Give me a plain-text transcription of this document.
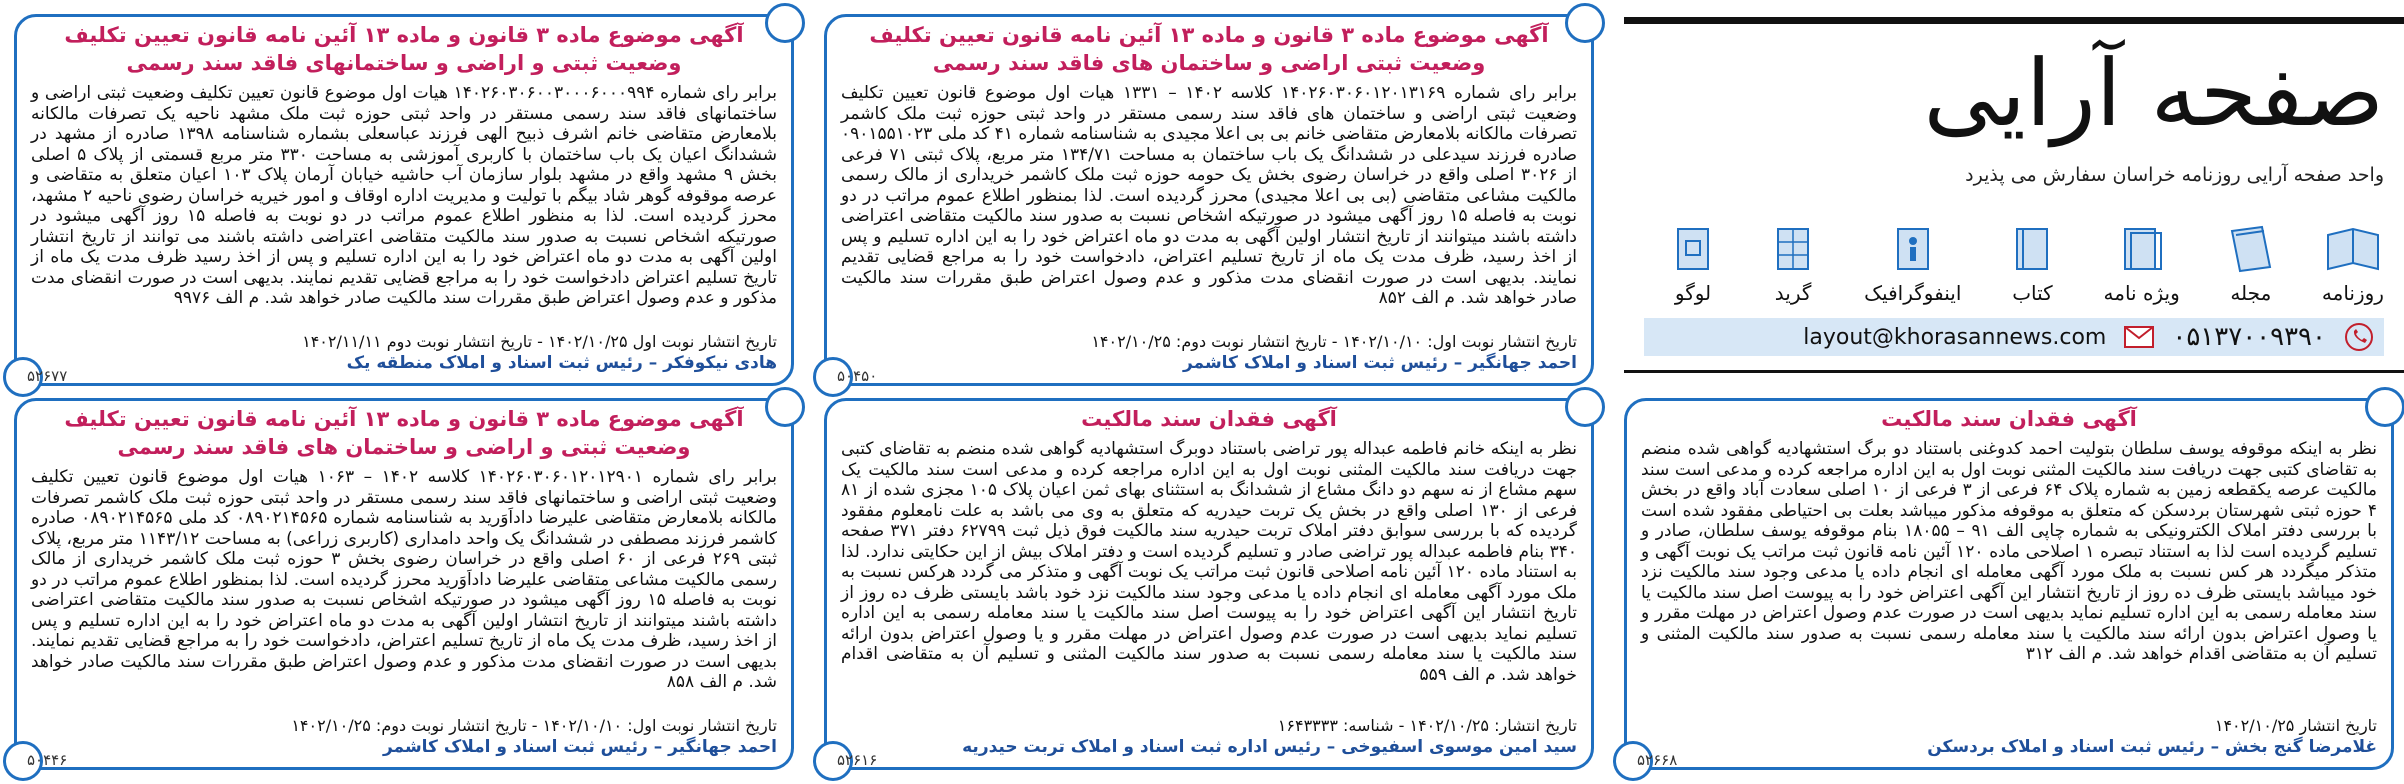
صفحه آرایی
واحد صفحه آرایی روزنامه خراسان سفارش می پذیرد
روزنامه
مجله
ویژه نامه
کتاب
اینفوگرافیک
گرید
لوگو
layout@khorasannews.com	۰۵۱۳۷۰۰۹۳۹۰
آگهی موضوع ماده ۳ قانون و ماده ۱۳ آئین نامه قانون تعیین تکلیف وضعیت ثبتی و اراضی و ساختمانهای فاقد سند رسمی
برابر رای شماره ۱۴۰۲۶۰۳۰۶۰۰۳۰۰۰۶۰۰۰۹۹۴ هیات اول موضوع قانون تعیین تکلیف وضعیت ثبتی اراضی و ساختمانهای فاقد سند رسمی مستقر در واحد ثبتی حوزه ثبت ملک مشهد ناحیه یک تصرفات مالکانه بلامعارض متقاضی خانم اشرف ذبیح الهی فرزند عباسعلی بشماره شناسنامه ۱۳۹۸ صادره از مشهد در ششدانگ اعیان یک باب ساختمان با کاربری آموزشی به مساحت ۳۳۰ متر مربع قسمتی از پلاک ۵ اصلی بخش ۹ مشهد واقع در مشهد بلوار سازمان آب حاشیه خیابان آرمان پلاک ۱۰۳ اعیان متعلق به متقاضی و عرصه موقوفه گوهر شاد بیگم با تولیت و مدیریت اداره اوقاف و امور خیریه خراسان رضوی ناحیه ۲ مشهد، محرز گردیده است. لذا به منظور اطلاع عموم مراتب در دو نوبت به فاصله ۱۵ روز آگهی میشود در صورتیکه اشخاص نسبت به صدور سند مالکیت متقاضی اعتراضی داشته باشند می توانند از تاریخ انتشار اولین آگهی به مدت دو ماه اعتراض خود را به این اداره تسلیم و پس از اخذ رسید ظرف مدت یک ماه از تاریخ تسلیم اعتراض دادخواست خود را به مراجع قضایی تقدیم نمایند. بدیهی است در صورت انقضای مدت مذکور و عدم وصول اعتراض طبق مقررات سند مالکیت صادر خواهد شد. م الف ۹۹۷۶
تاریخ انتشار نوبت اول ۱۴۰۲/۱۰/۲۵ - تاریخ انتشار نوبت دوم ۱۴۰۲/۱۱/۱۱
هادی نیکوفکر – رئیس ثبت اسناد و املاک منطقه یک
۵۲۶۷۷
آگهی موضوع ماده ۳ قانون و ماده ۱۳ آئین نامه قانون تعیین تکلیف وضعیت ثبتی اراضی و ساختمان های فاقد سند رسمی
برابر رای شماره ۱۴۰۲۶۰۳۰۶۰۱۲۰۱۳۱۶۹ کلاسه ۱۴۰۲ – ۱۳۳۱ هیات اول موضوع قانون تعیین تکلیف وضعیت ثبتی اراضی و ساختمان های فاقد سند رسمی مستقر در واحد ثبتی حوزه ثبت ملک کاشمر تصرفات مالکانه بلامعارض متقاضی خانم بی بی اعلا مجیدی به شناسنامه شماره ۴۱ کد ملی ۰۹۰۱۵۵۱۰۲۳ صادره فرزند سیدعلی در ششدانگ یک باب ساختمان به مساحت ۱۳۴/۷۱ متر مربع، پلاک ثبتی ۷۱ فرعی از ۳۰۲۶ اصلی واقع در خراسان رضوی بخش یک حومه حوزه ثبت ملک کاشمر خریداری از مالک رسمی مالکیت مشاعی متقاضی (بی بی اعلا مجیدی) محرز گردیده است. لذا بمنظور اطلاع عموم مراتب در دو نوبت به فاصله ۱۵ روز آگهی میشود در صورتیکه اشخاص نسبت به صدور سند مالکیت متقاضی اعتراضی داشته باشند میتوانند از تاریخ انتشار اولین آگهی به مدت دو ماه اعتراض خود را به این اداره تسلیم و پس از اخذ رسید، ظرف مدت یک ماه از تاریخ تسلیم اعتراض، دادخواست خود را به مراجع قضایی تقدیم نمایند. بدیهی است در صورت انقضای مدت مذکور و عدم وصول اعتراض طبق مقررات سند مالکیت صادر خواهد شد. م الف ۸۵۲
تاریخ انتشار نوبت اول: ۱۴۰۲/۱۰/۱۰ - تاریخ انتشار نوبت دوم: ۱۴۰۲/۱۰/۲۵
احمد جهانگیر – رئیس ثبت اسناد و املاک کاشمر
۵۰۴۵۰
آگهی موضوع ماده ۳ قانون و ماده ۱۳ آئین نامه قانون تعیین تکلیف وضعیت ثبتی و اراضی و ساختمان های فاقد سند رسمی
برابر رای شماره ۱۴۰۲۶۰۳۰۶۰۱۲۰۱۲۹۰۱ کلاسه ۱۴۰۲ – ۱۰۶۳ هیات اول موضوع قانون تعیین تکلیف وضعیت ثبتی اراضی و ساختمانهای فاقد سند رسمی مستقر در واحد ثبتی حوزه ثبت ملک کاشمر تصرفات مالکانه بلامعارض متقاضی علیرضا داداَوَرید به شناسنامه شماره ۰۸۹۰۲۱۴۵۶۵ کد ملی ۰۸۹۰۲۱۴۵۶۵ صادره کاشمر فرزند مصطفی در ششدانگ یک واحد دامداری (کاربری زراعی) به مساحت ۱۱۴۳/۱۲ متر مربع، پلاک ثبتی ۲۶۹ فرعی از ۶۰ اصلی واقع در خراسان رضوی بخش ۳ حوزه ثبت ملک کاشمر خریداری از مالک رسمی مالکیت مشاعی متقاضی علیرضا داداَوَرید محرز گردیده است. لذا بمنظور اطلاع عموم مراتب در دو نوبت به فاصله ۱۵ روز آگهی میشود در صورتیکه اشخاص نسبت به صدور سند مالکیت متقاضی اعتراضی داشته باشند میتوانند از تاریخ انتشار اولین آگهی به مدت دو ماه اعتراض خود را به این اداره تسلیم و پس از اخذ رسید، ظرف مدت یک ماه از تاریخ تسلیم اعتراض، دادخواست خود را به مراجع قضایی تقدیم نمایند. بدیهی است در صورت انقضای مدت مذکور و عدم وصول اعتراض طبق مقررات سند مالکیت صادر خواهد شد. م الف ۸۵۸
تاریخ انتشار نوبت اول: ۱۴۰۲/۱۰/۱۰ - تاریخ انتشار نوبت دوم: ۱۴۰۲/۱۰/۲۵
احمد جهانگیر – رئیس ثبت اسناد و املاک کاشمر
۵۰۴۴۶
آگهی فقدان سند مالکیت
نظر به اینکه خانم فاطمه عبداله پور تراضی باستناد دوبرگ استشهادیه گواهی شده منضم به تقاضای کتبی جهت دریافت سند مالکیت المثنی نوبت اول به این اداره مراجعه کرده و مدعی است سند مالکیت یک سهم مشاع از نه سهم دو دانگ مشاع از ششدانگ به استثنای بهای ثمن اعیان پلاک ۱۰۵ مجزی شده از ۸۱ فرعی از ۱۳۰ اصلی واقع در بخش یک تربت حیدریه که متعلق به وی می باشد به علت نامعلوم مفقود گردیده که با بررسی سوابق دفتر املاک تربت حیدریه سند مالکیت فوق ذیل ثبت ۶۲۷۹۹ دفتر ۳۷۱ صفحه ۳۴۰ بنام فاطمه عبداله پور تراضی صادر و تسلیم گردیده است و دفتر املاک بیش از این حکایتی ندارد. لذا به استناد ماده ۱۲۰ آئین نامه اصلاحی قانون ثبت مراتب یک نوبت آگهی و متذکر می گردد هرکس نسبت به ملک مورد آگهی معامله ای انجام داده یا مدعی وجود سند مالکیت نزد خود باشد بایستی ظرف ده روز از تاریخ انتشار این آگهی اعتراض خود را به پیوست اصل سند مالکیت یا سند معامله رسمی به این اداره تسلیم نماید بدیهی است در صورت عدم وصول اعتراض در مهلت مقرر و یا وصول اعتراض بدون ارائه سند مالکیت یا سند معامله رسمی نسبت به صدور سند مالکیت المثنی و تسلیم آن به متقاضی اقدام خواهد شد. م الف ۵۵۹
تاریخ انتشار: ۱۴۰۲/۱۰/۲۵ - شناسه: ۱۶۴۳۳۳۳
سید امین موسوی اسفیوخی – رئیس اداره ثبت اسناد و املاک تربت حیدریه
۵۲۶۱۶
آگهی فقدان سند مالکیت
نظر به اینکه موقوفه یوسف سلطان بتولیت احمد کدوغنی باستناد دو برگ استشهادیه گواهی شده منضم به تقاضای کتبی جهت دریافت سند مالکیت المثنی نوبت اول به این اداره مراجعه کرده و مدعی است سند مالکیت عرصه یکقطعه زمین به شماره پلاک ۶۴ فرعی از ۳ فرعی از ۱۰ اصلی سعادت آباد واقع در بخش ۴ حوزه ثبتی شهرستان بردسکن که متعلق به موقوفه مذکور میباشد بعلت بی احتیاطی مفقود شده است با بررسی دفتر املاک الکترونیکی به شماره چاپی الف ۹۱ – ۱۸۰۵۵ بنام موقوفه یوسف سلطان، صادر و تسلیم گردیده است لذا به استناد تبصره ۱ اصلاحی ماده ۱۲۰ آئین نامه قانون ثبت مراتب یک نوبت آگهی و متذکر میگردد هر کس نسبت به ملک مورد آگهی معامله ای انجام داده یا مدعی وجود سند مالکیت نزد خود میباشد بایستی ظرف ده روز از تاریخ انتشار این آگهی اعتراض خود را به پیوست اصل سند مالکیت یا سند معامله رسمی به این اداره تسلیم نماید بدیهی است در صورت عدم وصول اعتراض در مهلت مقرر و یا وصول اعتراض بدون ارائه سند مالکیت یا سند معامله رسمی نسبت به صدور سند مالکیت المثنی و تسلیم آن به متقاضی اقدام خواهد شد. م الف ۳۱۲
تاریخ انتشار ۱۴۰۲/۱۰/۲۵
غلامرضا گنج بخش – رئیس ثبت اسناد و املاک بردسکن
۵۲۶۶۸
